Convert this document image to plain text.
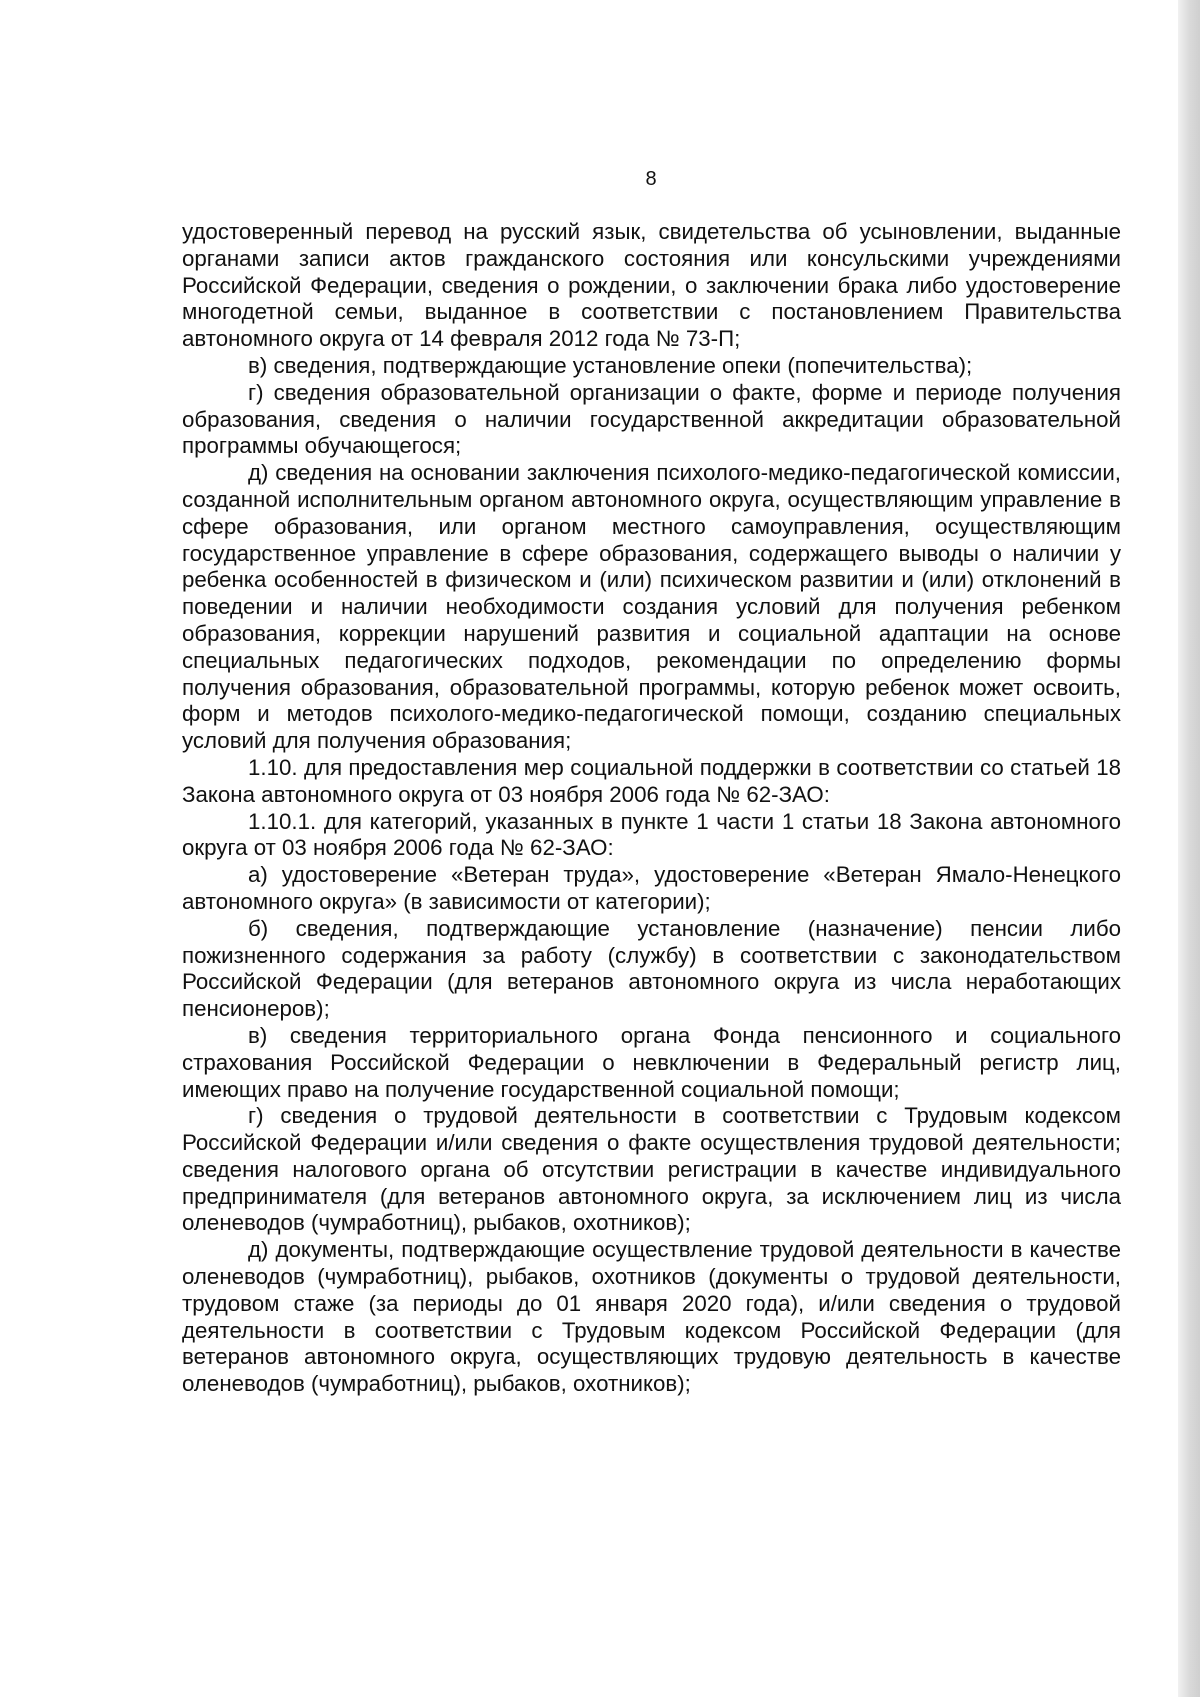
8

удостоверенный перевод на русский язык, свидетельства об усыновлении, выданные органами записи актов гражданского состояния или консульскими учреждениями Российской Федерации, сведения о рождении, о заключении брака либо удостоверение многодетной семьи, выданное в соответствии с постановлением Правительства автономного округа от 14 февраля 2012 года № 73-П;

в) сведения, подтверждающие установление опеки (попечительства);

г) сведения образовательной организации о факте, форме и периоде получения образования, сведения о наличии государственной аккредитации образовательной программы обучающегося;

д) сведения на основании заключения психолого-медико-педагогической комиссии, созданной исполнительным органом автономного округа, осуществляющим управление в сфере образования, или органом местного самоуправления, осуществляющим государственное управление в сфере образования, содержащего выводы о наличии у ребенка особенностей в физическом и (или) психическом развитии и (или) отклонений в поведении и наличии необходимости создания условий для получения ребенком образования, коррекции нарушений развития и социальной адаптации на основе специальных педагогических подходов, рекомендации по определению формы получения образования, образовательной программы, которую ребенок может освоить, форм и методов психолого-медико-педагогической помощи, созданию специальных условий для получения образования;

1.10. для предоставления мер социальной поддержки в соответствии со статьей 18 Закона автономного округа от 03 ноября 2006 года № 62-ЗАО:

1.10.1. для категорий, указанных в пункте 1 части 1 статьи 18 Закона автономного округа от 03 ноября 2006 года № 62-ЗАО:

а) удостоверение «Ветеран труда», удостоверение «Ветеран Ямало-Ненецкого автономного округа» (в зависимости от категории);

б) сведения, подтверждающие установление (назначение) пенсии либо пожизненного содержания за работу (службу) в соответствии с законодательством Российской Федерации (для ветеранов автономного округа из числа неработающих пенсионеров);

в) сведения территориального органа Фонда пенсионного и социального страхования Российской Федерации о невключении в Федеральный регистр лиц, имеющих право на получение государственной социальной помощи;

г) сведения о трудовой деятельности в соответствии с Трудовым кодексом Российской Федерации и/или сведения о факте осуществления трудовой деятельности; сведения налогового органа об отсутствии регистрации в качестве индивидуального предпринимателя (для ветеранов автономного округа, за исключением лиц из числа оленеводов (чумработниц), рыбаков, охотников);

д) документы, подтверждающие осуществление трудовой деятельности в качестве оленеводов (чумработниц), рыбаков, охотников (документы о трудовой деятельности, трудовом стаже (за периоды до 01 января 2020 года), и/или сведения о трудовой деятельности в соответствии с Трудовым кодексом Российской Федерации (для ветеранов автономного округа, осуществляющих трудовую деятельность в качестве оленеводов (чумработниц), рыбаков, охотников);
